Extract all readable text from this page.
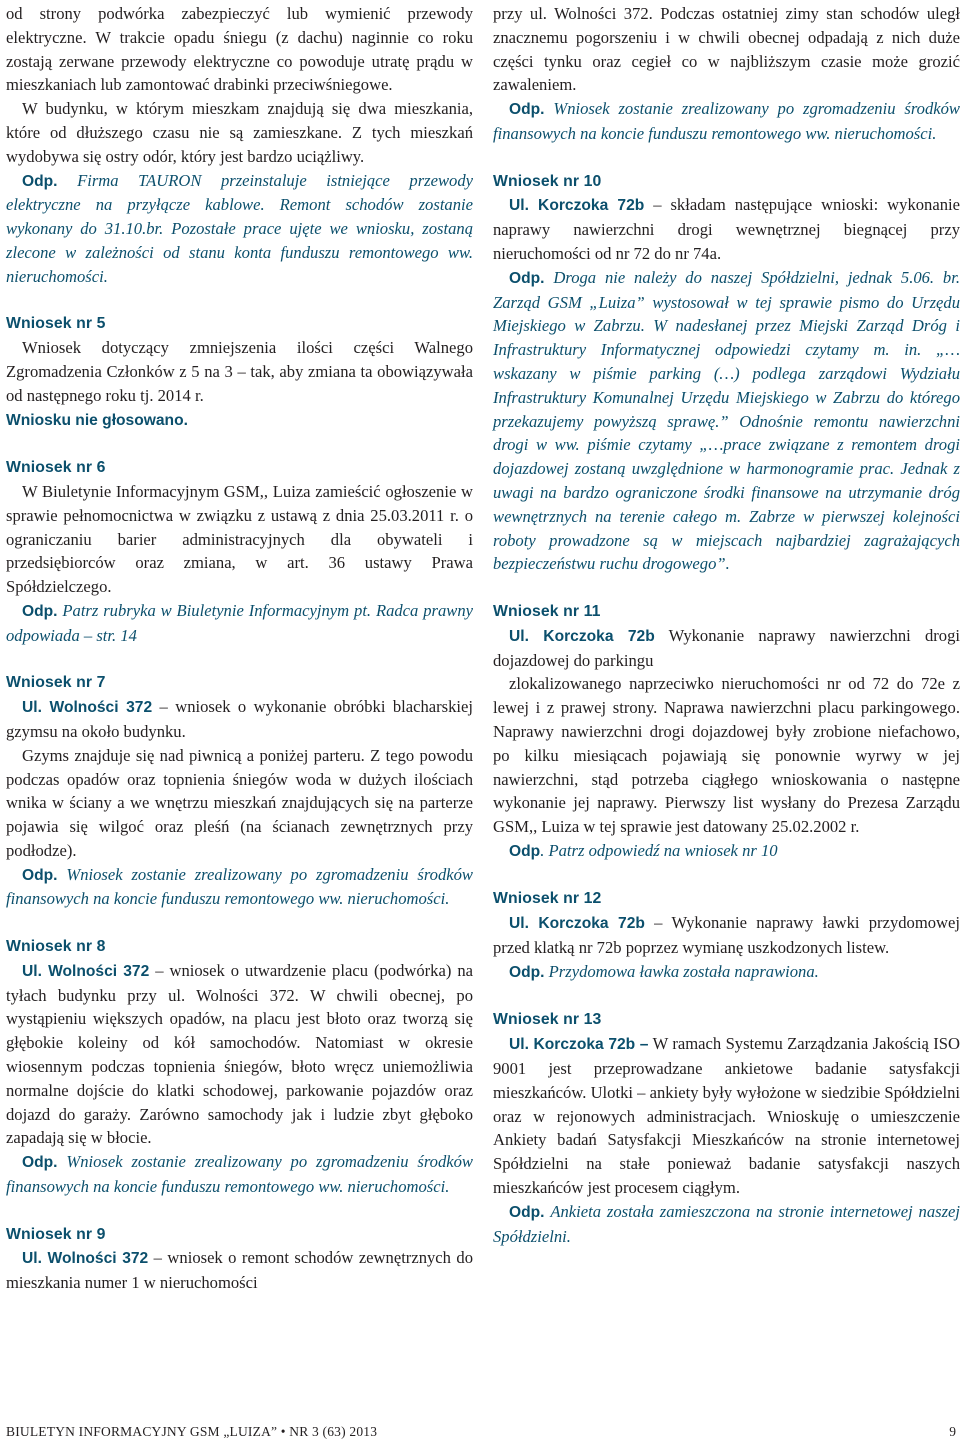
od strony podwórka zabezpieczyć lub wymienić przewody elektryczne. W trakcie opadu śniegu (z dachu) naginnie co roku zostają zerwane przewody elektryczne co powoduje utratę prądu w mieszkaniach lub zamontować drabinki przeciwśniegowe.

W budynku, w którym mieszkam znajdują się dwa mieszkania, które od dłuższego czasu nie są zamieszkane. Z tych mieszkań wydobywa się ostry odór, który jest bardzo uciążliwy.

Odp. Firma TAURON przeinstaluje istniejące przewody elektryczne na przyłącze kablowe. Remont schodów zostanie wykonany do 31.10.br. Pozostałe prace ujęte we wniosku, zostaną zlecone w zależności od stanu konta funduszu remontowego ww. nieruchomości.

Wniosek nr 5

Wniosek dotyczący zmniejszenia ilości części Walnego Zgromadzenia Członków z 5 na 3 – tak, aby zmiana ta obowiązywała od następnego roku tj. 2014 r.

Wniosku nie głosowano.

Wniosek nr 6

W Biuletynie Informacyjnym GSM,, Luiza zamieścić ogłoszenie w sprawie pełnomocnictwa w związku z ustawą z dnia 25.03.2011 r. o ograniczaniu barier administracyjnych dla obywateli i przedsiębiorców oraz zmiana, w art. 36 ustawy Prawa Spółdzielczego.

Odp. Patrz rubryka w Biuletynie Informacyjnym pt. Radca prawny odpowiada – str. 14

Wniosek nr 7

Ul. Wolności 372 – wniosek o wykonanie obróbki blacharskiej gzymsu na około budynku.

Gzyms znajduje się nad piwnicą a poniżej parteru. Z tego powodu podczas opadów oraz topnienia śniegów woda w dużych ilościach wnika w ściany a we wnętrzu mieszkań znajdujących się na parterze pojawia się wilgoć oraz pleśń (na ścianach zewnętrznych przy podłodze).

Odp. Wniosek zostanie zrealizowany po zgromadzeniu środków finansowych na koncie funduszu remontowego ww. nieruchomości.

Wniosek nr 8

Ul. Wolności 372 – wniosek o utwardzenie placu (podwórka) na tyłach budynku przy ul. Wolności 372. W chwili obecnej, po wystąpieniu większych opadów, na placu jest błoto oraz tworzą się głębokie koleiny od kół samochodów. Natomiast w okresie wiosennym podczas topnienia śniegów, błoto wręcz uniemożliwia normalne dojście do klatki schodowej, parkowanie pojazdów oraz dojazd do garaży. Zarówno samochody jak i ludzie zbyt głęboko zapadają się w błocie.

Odp. Wniosek zostanie zrealizowany po zgromadzeniu środków finansowych na koncie funduszu remontowego ww. nieruchomości.

Wniosek nr 9

Ul. Wolności 372 – wniosek o remont schodów zewnętrznych do mieszkania numer 1 w nieruchomości

przy ul. Wolności 372. Podczas ostatniej zimy stan schodów uległ znacznemu pogorszeniu i w chwili obecnej odpadają z nich duże części tynku oraz cegieł co w najbliższym czasie może grozić zawaleniem.

Odp. Wniosek zostanie zrealizowany po zgromadzeniu środków finansowych na koncie funduszu remontowego ww. nieruchomości.

Wniosek nr 10

Ul. Korczoka 72b – składam następujące wnioski: wykonanie naprawy nawierzchni drogi wewnętrznej biegnącej przy nieruchomości od nr 72 do nr 74a.

Odp. Droga nie należy do naszej Spółdzielni, jednak 5.06. br. Zarząd GSM „Luiza” wystosował w tej sprawie pismo do Urzędu Miejskiego w Zabrzu. W nadesłanej przez Miejski Zarząd Dróg i Infrastruktury Informatycznej odpowiedzi czytamy m. in. „…wskazany w piśmie parking (…) podlega zarządowi Wydziału Infrastruktury Komunalnej Urzędu Miejskiego w Zabrzu do którego przekazujemy powyższą sprawę.” Odnośnie remontu nawierzchni drogi w ww. piśmie czytamy „…prace związane z remontem drogi dojazdowej zostaną uwzględnione w harmonogramie prac. Jednak z uwagi na bardzo ograniczone środki finansowe na utrzymanie dróg wewnętrznych na terenie całego m. Zabrze w pierwszej kolejności roboty prowadzone są w miejscach najbardziej zagrażających bezpieczeństwu ruchu drogowego”.

Wniosek nr 11

Ul. Korczoka 72b Wykonanie naprawy nawierzchni drogi dojazdowej do parkingu

zlokalizowanego naprzeciwko nieruchomości nr od 72 do 72e z lewej i z prawej strony. Naprawa nawierzchni placu parkingowego. Naprawy nawierzchni drogi dojazdowej były zrobione niefachowo, po kilku miesiącach pojawiają się ponownie wyrwy w jej nawierzchni, stąd potrzeba ciągłego wnioskowania o następne wykonanie jej naprawy. Pierwszy list wysłany do Prezesa Zarządu GSM,, Luiza w tej sprawie jest datowany 25.02.2002 r.

Odp. Patrz odpowiedź na wniosek nr 10

Wniosek nr 12

Ul. Korczoka 72b – Wykonanie naprawy ławki przydomowej przed klatką nr 72b poprzez wymianę uszkodzonych listew.

Odp. Przydomowa ławka została naprawiona.

Wniosek nr 13

Ul. Korczoka 72b – W ramach Systemu Zarządzania Jakością ISO 9001 jest przeprowadzane ankietowe badanie satysfakcji mieszkańców. Ulotki – ankiety były wyłożone w siedzibie Spółdzielni oraz w rejonowych administracjach. Wnioskuję o umieszczenie Ankiety badań Satysfakcji Mieszkańców na stronie internetowej Spółdzielni na stałe ponieważ badanie satysfakcji naszych mieszkańców jest procesem ciągłym.

Odp. Ankieta została zamieszczona na stronie internetowej naszej Spółdzielni.

BIULETYN INFORMACYJNY GSM „LUIZA” • NR 3 (63) 2013	9
